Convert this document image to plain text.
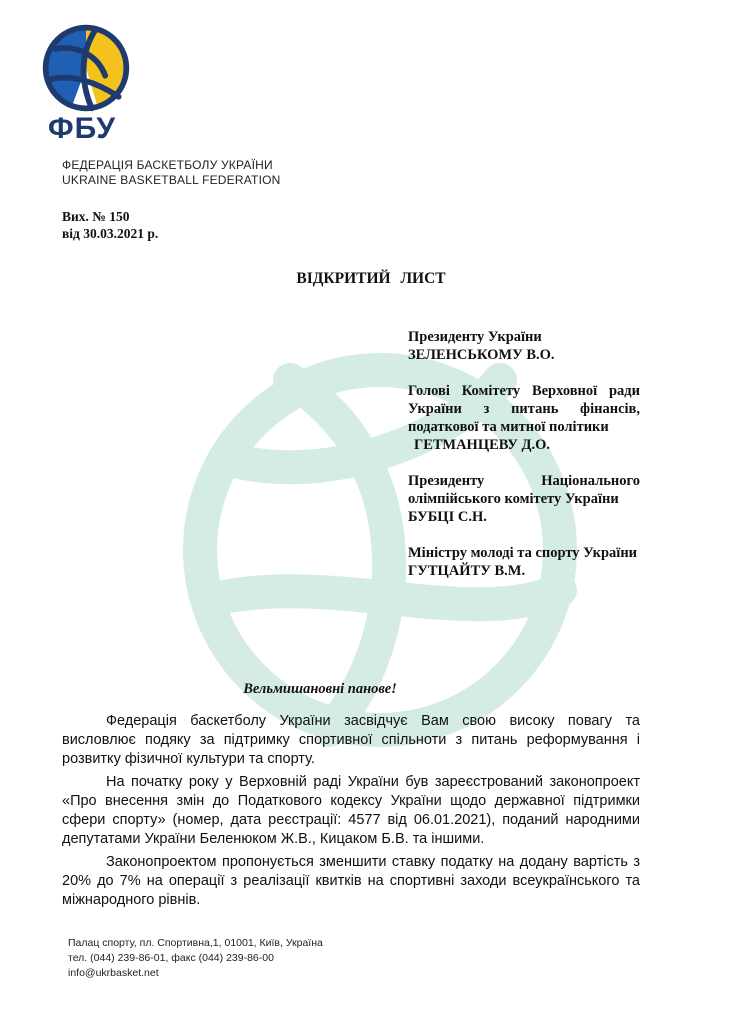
ФБУ
ФЕДЕРАЦІЯ БАСКЕТБОЛУ УКРАЇНИ
UKRAINE BASKETBALL FEDERATION
Вих. № 150
від 30.03.2021 р.
ВІДКРИТИЙ ЛИСТ
Президенту України
ЗЕЛЕНСЬКОМУ В.О.
Голові Комітету Верховної ради України з питань фінансів, податкової та митної політики
ГЕТМАНЦЕВУ Д.О.
Президенту Національного олімпійського комітету України
БУБЦІ С.Н.
Міністру молоді та спорту України
ГУТЦАЙТУ В.М.
Вельмишановні панове!

Федерація баскетболу України засвідчує Вам свою високу повагу та висловлює подяку за підтримку спортивної спільноти з питань реформування і розвитку фізичної культури та спорту.

На початку року у Верховній раді України був зареєстрований законопроект «Про внесення змін до Податкового кодексу України щодо державної підтримки сфери спорту» (номер, дата реєстрації: 4577 від 06.01.2021), поданий народними депутатами України Беленюком Ж.В., Кицаком Б.В. та іншими.

Законопроектом пропонується зменшити ставку податку на додану вартість з 20% до 7% на операції з реалізації квитків на спортивні заходи всеукраїнського та міжнародного рівнів.

Палац спорту, пл. Спортивна,1, 01001, Київ, Україна
тел. (044) 239-86-01, факс (044) 239-86-00
info@ukrbasket.net
